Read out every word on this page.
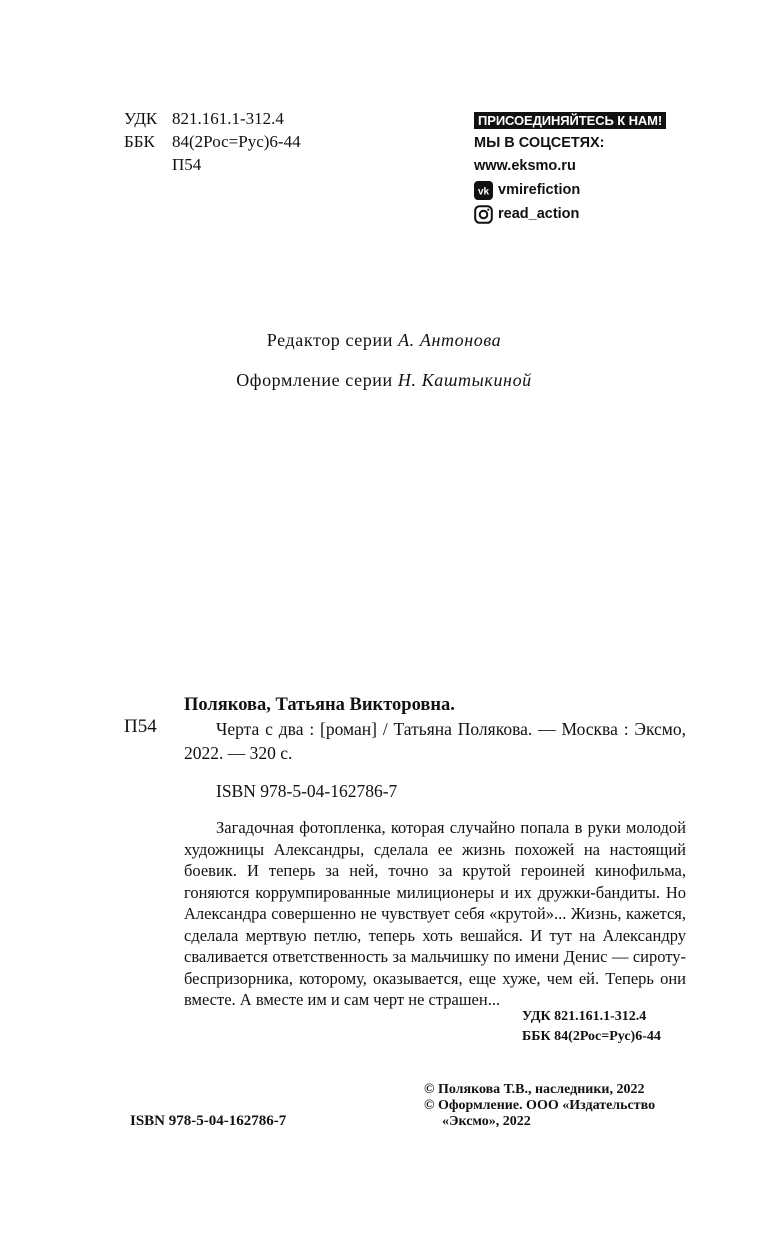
УДК 821.161.1-312.4
ББК 84(2Рос=Рус)6-44
П54
ПРИСОЕДИНЯЙТЕСЬ К НАМ!
МЫ В СОЦСЕТЯХ:
www.eksmo.ru
vk vmirefiction
read_action
Редактор серии А. Антонова
Оформление серии Н. Каштыкиной
П54
Полякова, Татьяна Викторовна.
Черта с два : [роман] / Татьяна Полякова. — Москва : Эксмо, 2022. — 320 с.
ISBN 978-5-04-162786-7
Загадочная фотопленка, которая случайно попала в руки молодой художницы Александры, сделала ее жизнь похожей на настоящий боевик. И теперь за ней, точно за крутой героиней кинофильма, гоняются коррумпированные милиционеры и их дружки-бандиты. Но Александра совершенно не чувствует себя «крутой»... Жизнь, кажется, сделала мертвую петлю, теперь хоть вешайся. И тут на Александру сваливается ответственность за мальчишку по имени Денис — сироту-беспризорника, которому, оказывается, еще хуже, чем ей. Теперь они вместе. А вместе им и сам черт не страшен...
УДК 821.161.1-312.4
ББК 84(2Рос=Рус)6-44
© Полякова Т.В., наследники, 2022
© Оформление. ООО «Издательство
«Эксмо», 2022
ISBN 978-5-04-162786-7
